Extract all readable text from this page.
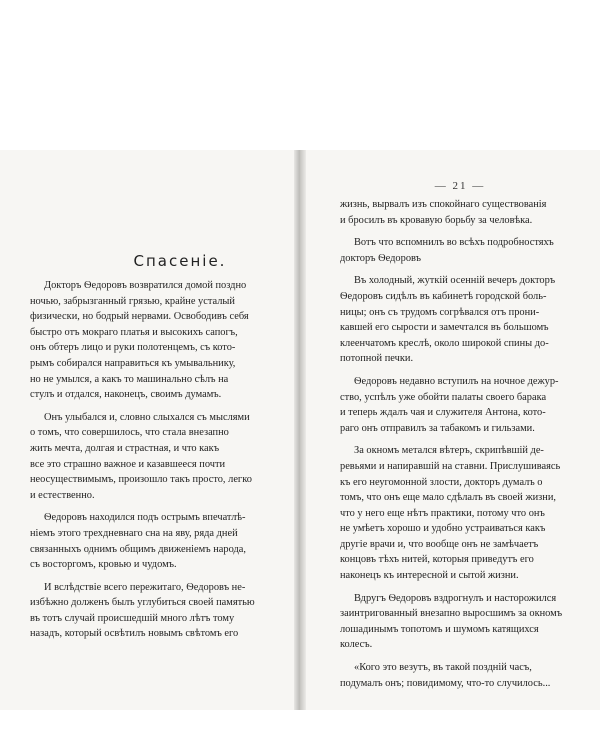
Спасеніе.

Докторъ Ѳедоровъ возвратился домой поздно
ночью, забрызганный грязью, крайне усталый
физически, но бодрый нервами. Освободивъ себя
быстро отъ мокраго платья и высокихъ сапогъ,
онъ обтеръ лицо и руки полотенцемъ, съ кото-
рымъ собирался направиться къ умывальнику,
но не умылся, а какъ то машинально сѣлъ на
стулъ и отдался, наконецъ, своимъ думамъ.

Онъ улыбался и, словно слыхался съ мыслями
о томъ, что совершилось, что стала внезапно
жить мечта, долгая и страстная, и что какъ
все это страшно важное и казавшееся почти
неосуществимымъ, произошло такъ просто, легко
и естественно.

Ѳедоровъ находился подъ острымъ впечатлѣ-
ніемъ этого трехдневнаго сна на яву, ряда дней
связанныхъ однимъ общимъ движеніемъ народа,
съ восторгомъ, кровью и чудомъ.

И вслѣдствіе всего пережитаго, Ѳедоровъ не-
избѣжно долженъ былъ углубиться своей памятью
въ тотъ случай происшедшій много лѣтъ тому
назадъ, который освѣтилъ новымъ свѣтомъ его

— 21 —

жизнь, вырвалъ изъ спокойнаго существованія
и бросилъ въ кровавую борьбу за человѣка.

Вотъ что вспомнилъ во всѣхъ подробностяхъ
докторъ Ѳедоровъ

Въ холодный, жуткій осенній вечеръ докторъ
Ѳедоровъ сидѣлъ въ кабинетѣ городской боль-
ницы; онъ съ трудомъ согрѣвался отъ прони-
кавшей его сырости и замечтался въ большомъ
клеенчатомъ креслѣ, около широкой спины до-
потопной печки.

Ѳедоровъ недавно вступилъ на ночное дежур-
ство, успѣлъ уже обойти палаты своего барака
и теперь ждалъ чая и служителя Антона, кото-
раго онъ отправилъ за табакомъ и гильзами.

За окномъ метался вѣтеръ, скрипѣвшій де-
ревьями и напиравшій на ставни. Прислушиваясь
къ его неугомонной злости, докторъ думалъ о
томъ, что онъ еще мало сдѣлалъ въ своей жизни,
что у него еще нѣтъ практики, потому что онъ
не умѣетъ хорошо и удобно устраиваться какъ
другіе врачи и, что вообще онъ не замѣчаетъ
концовъ тѣхъ нитей, которыя приведутъ его
наконецъ къ интересной и сытой жизни.

Вдругъ Ѳедоровъ вздрогнулъ и насторожился
заинтригованный внезапно выросшимъ за окномъ
лошадинымъ топотомъ и шумомъ катящихся
колесъ.

«Кого это везутъ, въ такой поздній часъ,
подумалъ онъ; повидимому, что-то случилось...
